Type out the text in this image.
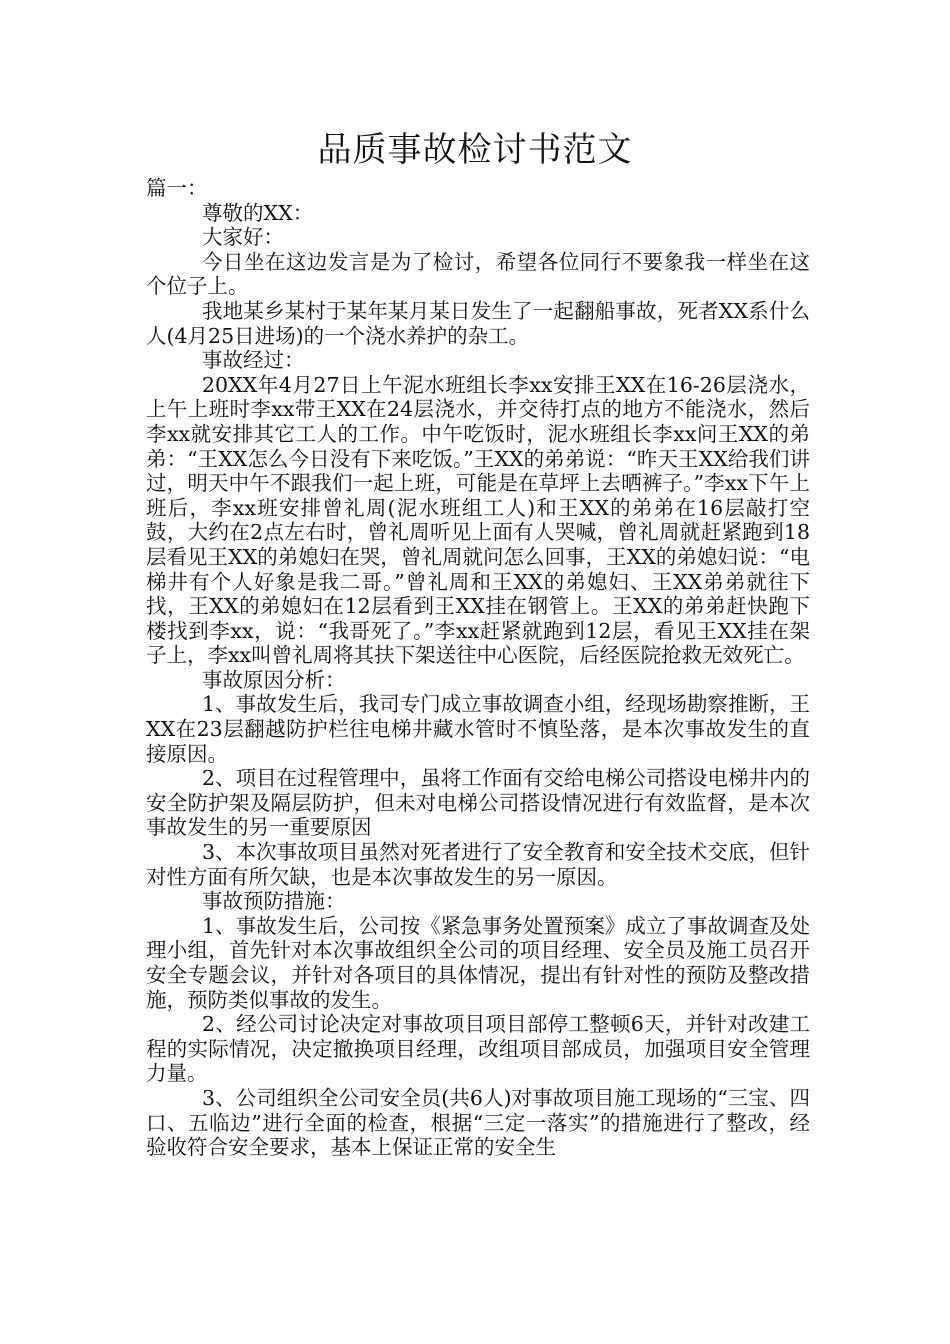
品质事故检讨书范文

篇一：

尊敬的XX：

大家好：

今日坐在这边发言是为了检讨，希望各位同行不要象我一样坐在这个位子上。

我地某乡某村于某年某月某日发生了一起翻船事故，死者XX系什么人(4月25日进场)的一个浇水养护的杂工。

事故经过：

20XX年4月27日上午泥水班组长李xx安排王XX在16-26层浇水，上午上班时李xx带王XX在24层浇水，并交待打点的地方不能浇水，然后李xx就安排其它工人的工作。中午吃饭时，泥水班组长李xx问王XX的弟弟：“王XX怎么今日没有下来吃饭。”王XX的弟弟说：“昨天王XX给我们讲过，明天中午不跟我们一起上班，可能是在草坪上去晒裤子。”李xx下午上班后，李xx班安排曾礼周(泥水班组工人)和王XX的弟弟在16层敲打空鼓，大约在2点左右时，曾礼周听见上面有人哭喊，曾礼周就赶紧跑到18层看见王XX的弟媳妇在哭，曾礼周就问怎么回事，王XX的弟媳妇说：“电梯井有个人好象是我二哥。”曾礼周和王XX的弟媳妇、王XX弟弟就往下找，王XX的弟媳妇在12层看到王XX挂在钢管上。王XX的弟弟赶快跑下楼找到李xx，说：“我哥死了。”李xx赶紧就跑到12层，看见王XX挂在架子上，李xx叫曾礼周将其扶下架送往中心医院，后经医院抢救无效死亡。

事故原因分析：

1、事故发生后，我司专门成立事故调查小组，经现场勘察推断，王XX在23层翻越防护栏往电梯井藏水管时不慎坠落，是本次事故发生的直接原因。

2、项目在过程管理中，虽将工作面有交给电梯公司搭设电梯井内的安全防护架及隔层防护，但未对电梯公司搭设情况进行有效监督，是本次事故发生的另一重要原因

3、本次事故项目虽然对死者进行了安全教育和安全技术交底，但针对性方面有所欠缺，也是本次事故发生的另一原因。

事故预防措施：

1、事故发生后，公司按《紧急事务处置预案》成立了事故调查及处理小组，首先针对本次事故组织全公司的项目经理、安全员及施工员召开安全专题会议，并针对各项目的具体情况，提出有针对性的预防及整改措施，预防类似事故的发生。

2、经公司讨论决定对事故项目项目部停工整顿6天，并针对改建工程的实际情况，决定撤换项目经理，改组项目部成员，加强项目安全管理力量。

3、公司组织全公司安全员(共6人)对事故项目施工现场的“三宝、四口、五临边”进行全面的检查，根据“三定一落实”的措施进行了整改，经验收符合安全要求，基本上保证正常的安全生
